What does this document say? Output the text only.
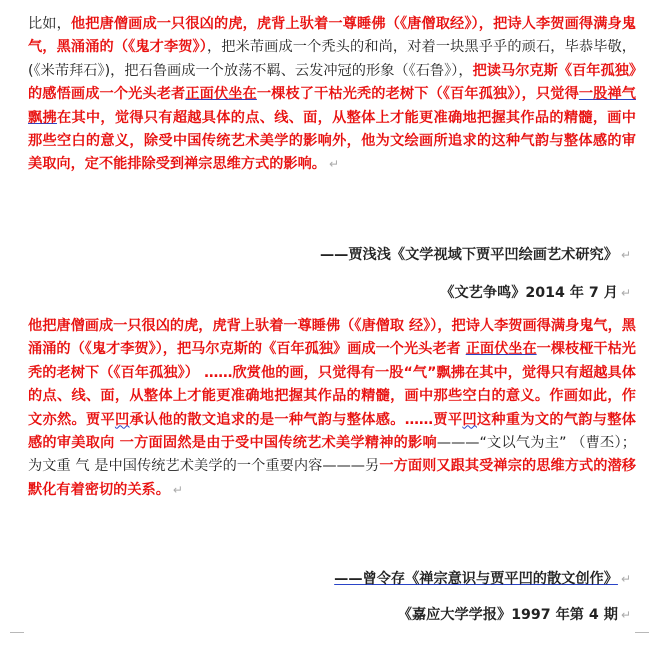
比如，他把唐僧画成一只很凶的虎，虎背上驮着一尊睡佛（《唐僧取经》），把诗人李贺画得满身鬼气，黑涌涌的（《鬼才李贺》），把米芾画成一个秃头的和尚，对着一块黑乎乎的顽石，毕恭毕敬，(《米芾拜石》)，把石鲁画成一个放荡不羁、云发冲冠的形象（《石鲁》），把读马尔克斯《百年孤独》的感悟画成一个光头老者正面伏坐在一棵枝了干枯光秃的老树下（《百年孤独》），只觉得一股禅气飘拂在其中，觉得只有超越具体的点、线、面，从整体上才能更准确地把握其作品的精髓，画中那些空白的意义，除受中国传统艺术美学的影响外，他为文绘画所追求的这种气韵与整体感的审美取向，定不能排除受到禅宗思维方式的影响。 ↵

——贾浅浅《文学视域下贾平凹绘画艺术研究》 ↵
《文艺争鸣》2014 年 7 月 ↵

他把唐僧画成一只很凶的虎，虎背上驮着一尊睡佛（《唐僧取 经》），把诗人李贺画得满身鬼气，黑涌涌的（《鬼才李贺》），把马尔克斯的《百年孤独》画成一个光头老者 正面伏坐在一棵枝桠干枯光秃的老树下（《百年孤独》） ……欣赏他的画，只觉得有一股“气”飘拂在其中，觉得只有超越具体的点、线、面，从整体上才能更准确地把握其作品的精髓，画中那些空白的意义。作画如此，作文亦然。贾平凹承认他的散文追求的是一种气韵与整体感。……贾平凹这种重为文的气韵与整体感的审美取向 一方面固然是由于受中国传统艺术美学精神的影响———“文以气为主” （曹丕）；为文重 气 是中国传统艺术美学的一个重要内容———另一方面则又跟其受禅宗的思维方式的潜移默化有着密切的关系。 ↵

——曾令存《禅宗意识与贾平凹的散文创作》 ↵
《嘉应大学学报》1997 年第 4 期 ↵
